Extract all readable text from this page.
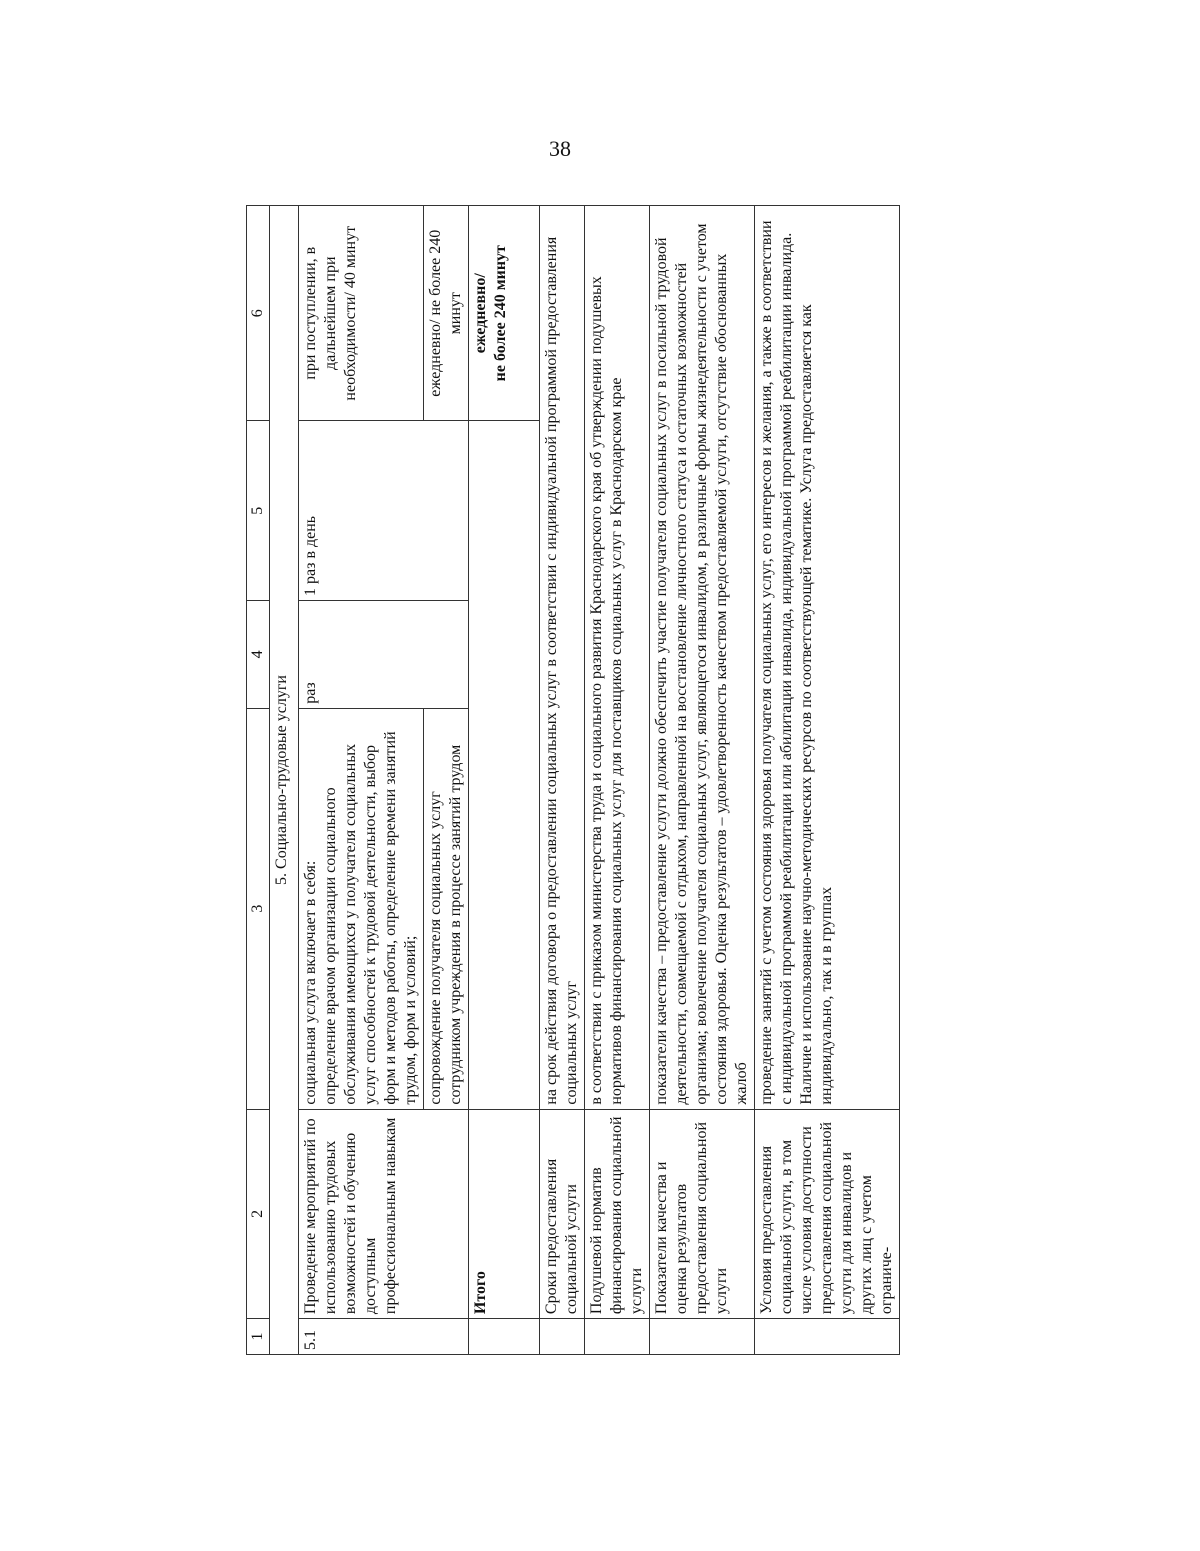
38
1	2	3	4	5	6
5. Социально-трудовые услуги					
5.1	Проведение мероприятий по использованию трудовых возможностей и обучению доступным профессиональным навыкам	социальная услуга включает в себя: определение врачом организации социального обслуживания имеющихся у получателя социальных услуг способностей к трудовой деятельности, выбор форм и методов работы, определение времени занятий трудом, форм и условий;	раз	1 раз в день	при поступлении, в дальнейшем при необходимости/ 40 минут
		сопровождение получателя социальных услуг сотрудником учреждения в процессе занятий трудом			ежедневно/ не более 240 минут
	Итого				ежедневно/ не более 240 минут

	Сроки предоставления социальной услуги	на срок действия договора о предоставлении социальных услуг в соответствии с индивидуальной программой предоставления социальных услуг			
	Подушевой норматив финансирования социальной услуги	в соответствии с приказом министерства труда и социального развития Краснодарского края об утверждении подушевых нормативов финансирования социальных услуг для поставщиков социальных услуг в Краснодарском крае			
	Показатели качества и оценка результатов предоставления социальной услуги	показатели качества – предоставление услуги должно обеспечить участие получателя социальных услуг в посильной трудовой деятельности, совмещаемой с отдыхом, направленной на восстановление личностного статуса и остаточных возможностей организма; вовлечение получателя социальных услуг, являющегося инвалидом, в различные формы жизнедеятельности с учетом состояния здоровья. Оценка результатов – удовлетворенность качеством предоставляемой услуги, отсутствие обоснованных жалоб			
	Условия предоставления социальной услуги, в том числе условия доступности предоставления социальной услуги для инвалидов и других лиц с учетом ограниче-	проведение занятий с учетом состояния здоровья получателя социальных услуг, его интересов и желания, а также в соответствии с индивидуальной программой реабилитации или абилитации инвалида, индивидуальной программой реабилитации инвалида. Наличие и использование научно-методических ресурсов по соответствующей тематике. Услуга предоставляется как индивидуально, так и в группах			
